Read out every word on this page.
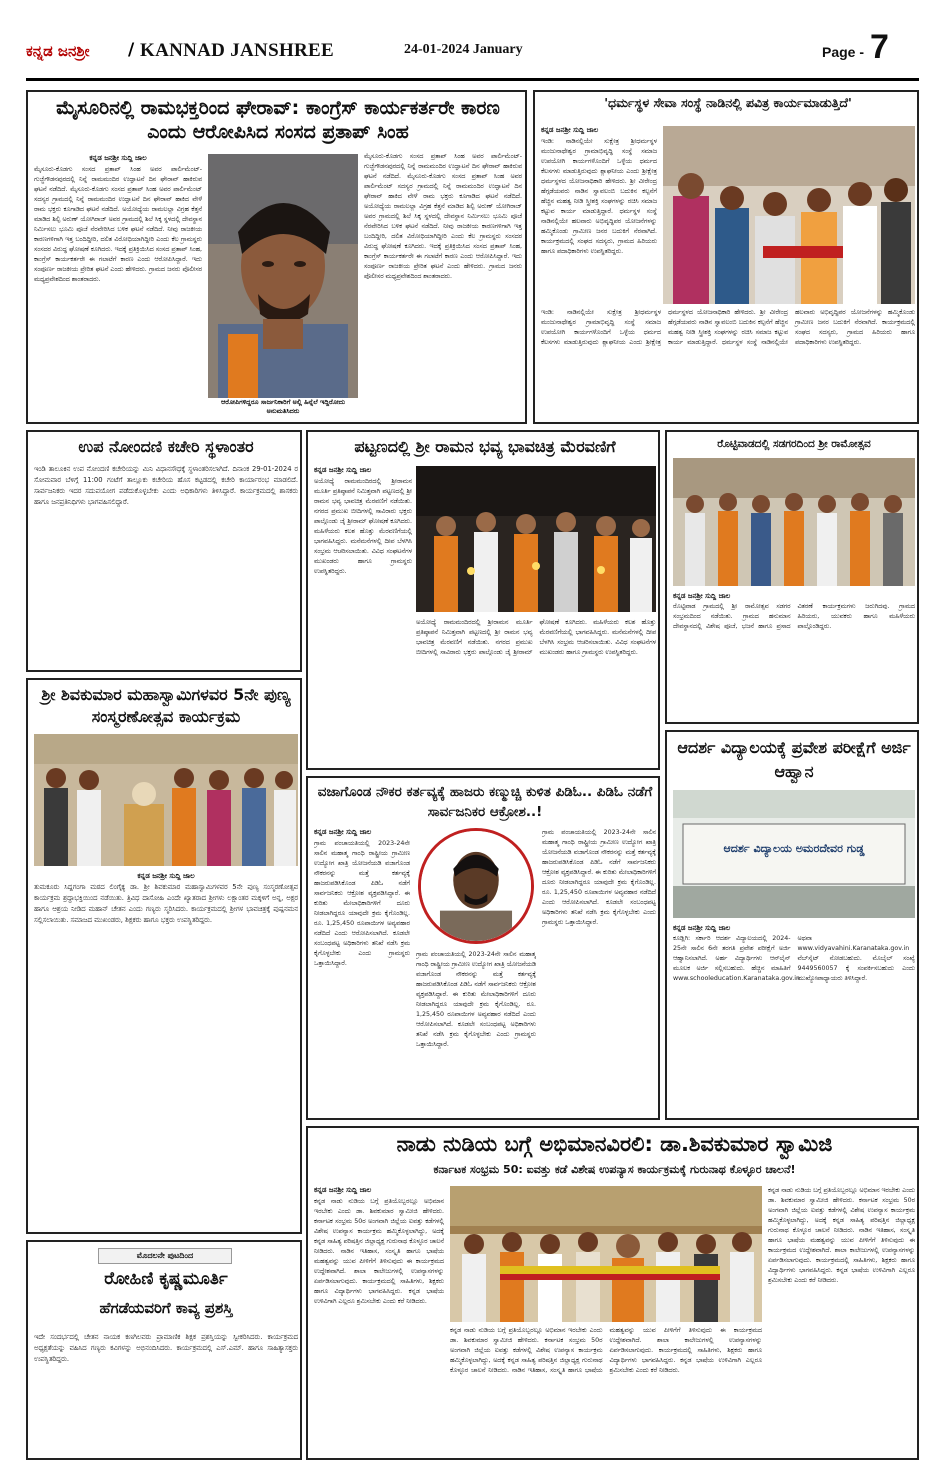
ಕನ್ನಡ ಜನಶ್ರೀ / KANNAD JANSHREE	24-01-2024 January	Page - 7
ಮೈಸೂರಿನಲ್ಲಿ ರಾಮಭಕ್ತರಿಂದ ಘೇರಾವ್: ಕಾಂಗ್ರೆಸ್ ಕಾರ್ಯಕರ್ತರೇ ಕಾರಣ ಎಂದು ಆರೋಪಿಸಿದ ಸಂಸದ ಪ್ರತಾಪ್ ಸಿಂಹ
ಕನ್ನಡ ಜನಶ್ರೀ ಸುದ್ದಿ ಜಾಲ
ಮೈಸೂರು-ಕೊಡಗು ಸಂಸದ ಪ್ರತಾಪ್ ಸಿಂಹ ಅವರ ಪಾರ್ಲಿಮೆಂಟ್-ಗುಜ್ಜೆಗೌಡನಪುರದಲ್ಲಿ ನಿನ್ನೆ ರಾಮಮಂದಿರ ಉದ್ಘಾಟನೆ ದಿನ ಘೇರಾವ್ ಹಾಕಿರುವ ಘಟನೆ ನಡೆದಿದೆ. ಮೈಸೂರು-ಕೊಡಗು ಸಂಸದ ಪ್ರತಾಪ್ ಸಿಂಹ ಅವರ ಪಾರ್ಲಿಮೆಂಟ್ ಸದಸ್ಯರ ಗ್ರಾಮದಲ್ಲಿ ನಿನ್ನೆ ರಾಮಮಂದಿರ ಉದ್ಘಾಟನೆ ದಿನ ಘೇರಾವ್ ಹಾಕಿದ ವೇಳೆ ರಾಮ ಭಕ್ತರು ಕೂಗಾಡಿದ ಘಟನೆ ನಡೆದಿದೆ. ಅಯೋಧ್ಯೆಯ ರಾಮಲಲ್ಲಾ ವಿಗ್ರಹ ಕೆತ್ತನೆ ಮಾಡಿದ ಶಿಲ್ಪಿ ಅರುಣ್ ಯೋಗಿರಾಜ್ ಅವರ ಗ್ರಾಮದಲ್ಲಿ ಶಿಲೆ ಸಿಕ್ಕ ಸ್ಥಳದಲ್ಲಿ ದೇವಸ್ಥಾನ ನಿರ್ಮಿಸಲು ಭೂಮಿ ಪೂಜೆ ನೆರವೇರಿಸಿದ ಬಳಿಕ ಘಟನೆ ನಡೆದಿದೆ. ನೀವು ರಾಜಕೀಯ ಕಾರಣಗಳಿಗಾಗಿ ಇತ್ತ ಬಂದಿದ್ದೀರಿ, ದಲಿತ ವಿರೋಧಿಯಾಗಿದ್ದೀರಿ ಎಂದು ಕೆಲ ಗ್ರಾಮಸ್ಥರು ಸಂಸದರ ವಿರುದ್ಧ ಘೋಷಣೆ ಕೂಗಿದರು. ಇದಕ್ಕೆ ಪ್ರತಿಕ್ರಿಯಿಸಿದ ಸಂಸದ ಪ್ರತಾಪ್ ಸಿಂಹ, ಕಾಂಗ್ರೆಸ್ ಕಾರ್ಯಕರ್ತರೇ ಈ ಗಲಾಟೆಗೆ ಕಾರಣ ಎಂದು ಆರೋಪಿಸಿದ್ದಾರೆ. ಇದು ಸಂಪೂರ್ಣ ರಾಜಕೀಯ ಪ್ರೇರಿತ ಘಟನೆ ಎಂದು ಹೇಳಿದರು. ಗ್ರಾಮದ ಜನರು ಪೊಲೀಸರ ಮಧ್ಯಪ್ರವೇಶದಿಂದ ಶಾಂತರಾದರು.
ಆರೋಪಿಗಳಿದ್ದರೂ ಸಾರ್ಜನಿಕಾರಿಗೆ ಅಲ್ಲಿ ಹಿನ್ನೆಲೆ ಇದ್ದಿರೋದು ಅನುಮತಿಸಿದರು
ಮೈಸೂರು-ಕೊಡಗು ಸಂಸದ ಪ್ರತಾಪ್ ಸಿಂಹ ಅವರ ಪಾರ್ಲಿಮೆಂಟ್-ಗುಜ್ಜೆಗೌಡನಪುರದಲ್ಲಿ ನಿನ್ನೆ ರಾಮಮಂದಿರ ಉದ್ಘಾಟನೆ ದಿನ ಘೇರಾವ್ ಹಾಕಿರುವ ಘಟನೆ ನಡೆದಿದೆ. ಮೈಸೂರು-ಕೊಡಗು ಸಂಸದ ಪ್ರತಾಪ್ ಸಿಂಹ ಅವರ ಪಾರ್ಲಿಮೆಂಟ್ ಸದಸ್ಯರ ಗ್ರಾಮದಲ್ಲಿ ನಿನ್ನೆ ರಾಮಮಂದಿರ ಉದ್ಘಾಟನೆ ದಿನ ಘೇರಾವ್ ಹಾಕಿದ ವೇಳೆ ರಾಮ ಭಕ್ತರು ಕೂಗಾಡಿದ ಘಟನೆ ನಡೆದಿದೆ. ಅಯೋಧ್ಯೆಯ ರಾಮಲಲ್ಲಾ ವಿಗ್ರಹ ಕೆತ್ತನೆ ಮಾಡಿದ ಶಿಲ್ಪಿ ಅರುಣ್ ಯೋಗಿರಾಜ್ ಅವರ ಗ್ರಾಮದಲ್ಲಿ ಶಿಲೆ ಸಿಕ್ಕ ಸ್ಥಳದಲ್ಲಿ ದೇವಸ್ಥಾನ ನಿರ್ಮಿಸಲು ಭೂಮಿ ಪೂಜೆ ನೆರವೇರಿಸಿದ ಬಳಿಕ ಘಟನೆ ನಡೆದಿದೆ. ನೀವು ರಾಜಕೀಯ ಕಾರಣಗಳಿಗಾಗಿ ಇತ್ತ ಬಂದಿದ್ದೀರಿ, ದಲಿತ ವಿರೋಧಿಯಾಗಿದ್ದೀರಿ ಎಂದು ಕೆಲ ಗ್ರಾಮಸ್ಥರು ಸಂಸದರ ವಿರುದ್ಧ ಘೋಷಣೆ ಕೂಗಿದರು. ಇದಕ್ಕೆ ಪ್ರತಿಕ್ರಿಯಿಸಿದ ಸಂಸದ ಪ್ರತಾಪ್ ಸಿಂಹ, ಕಾಂಗ್ರೆಸ್ ಕಾರ್ಯಕರ್ತರೇ ಈ ಗಲಾಟೆಗೆ ಕಾರಣ ಎಂದು ಆರೋಪಿಸಿದ್ದಾರೆ. ಇದು ಸಂಪೂರ್ಣ ರಾಜಕೀಯ ಪ್ರೇರಿತ ಘಟನೆ ಎಂದು ಹೇಳಿದರು. ಗ್ರಾಮದ ಜನರು ಪೊಲೀಸರ ಮಧ್ಯಪ್ರವೇಶದಿಂದ ಶಾಂತರಾದರು.
'ಧರ್ಮಸ್ಥಳ ಸೇವಾ ಸಂಸ್ಥೆ ನಾಡಿನಲ್ಲಿ ಪವಿತ್ರ ಕಾರ್ಯಮಾಡುತ್ತಿದೆ'
ಕನ್ನಡ ಜನಶ್ರೀ ಸುದ್ದಿ ಜಾಲ
ಇಂಡಿ: ನಾಡಿನಲ್ಲಿಯೇ ಸುಕ್ಷೇತ್ರ ಶ್ರೀಧರ್ಮಸ್ಥಳ ಮಂಜುನಾಥೇಶ್ವರ ಗ್ರಾಮಾಭಿವೃದ್ಧಿ ಸಂಸ್ಥೆ ಸಮಾಜ ಉಪಯೋಗಿ ಕಾರ್ಯಗಳೊಂದಿಗೆ ಒಳ್ಳೆಯ ಧರ್ಮದ ಕೆಲಸಗಳು ಮಾಡುತ್ತಿರುವುದು ಶ್ಲಾಘನೀಯ ಎಂದು ಶ್ರೀಕ್ಷೇತ್ರ ಧರ್ಮಸ್ಥಳದ ಯೋಜನಾಧಿಕಾರಿ ಹೇಳಿದರು. ಶ್ರೀ ವೀರೇಂದ್ರ ಹೆಗ್ಗಡೆಯವರು ನಾಡಿನ ಸ್ವಾವಲಂಬಿ ಬದುಕಿನ ಕಲ್ಪನೆಗೆ ಹೆಚ್ಚಿನ ಮಹತ್ವ ನೀಡಿ ಸ್ತ್ರೀಶಕ್ತಿ ಸಂಘಗಳನ್ನು ರಚಿಸಿ ಸಮಾಜ ಕಟ್ಟುವ ಕಾರ್ಯ ಮಾಡುತ್ತಿದ್ದಾರೆ. ಧರ್ಮಸ್ಥಳ ಸಂಸ್ಥೆ ನಾಡಿನಲ್ಲಿಯೇ ಹಲವಾರು ಅಭಿವೃದ್ಧಿಪರ ಯೋಜನೆಗಳನ್ನು ಹಮ್ಮಿಕೊಂಡು ಗ್ರಾಮೀಣ ಜನರ ಬದುಕಿಗೆ ನೆರವಾಗಿದೆ. ಕಾರ್ಯಕ್ರಮದಲ್ಲಿ ಸಂಘದ ಸದಸ್ಯರು, ಗ್ರಾಮದ ಹಿರಿಯರು ಹಾಗೂ ಪದಾಧಿಕಾರಿಗಳು ಉಪಸ್ಥಿತರಿದ್ದರು.
ಇಂಡಿ: ನಾಡಿನಲ್ಲಿಯೇ ಸುಕ್ಷೇತ್ರ ಶ್ರೀಧರ್ಮಸ್ಥಳ ಮಂಜುನಾಥೇಶ್ವರ ಗ್ರಾಮಾಭಿವೃದ್ಧಿ ಸಂಸ್ಥೆ ಸಮಾಜ ಉಪಯೋಗಿ ಕಾರ್ಯಗಳೊಂದಿಗೆ ಒಳ್ಳೆಯ ಧರ್ಮದ ಕೆಲಸಗಳು ಮಾಡುತ್ತಿರುವುದು ಶ್ಲಾಘನೀಯ ಎಂದು ಶ್ರೀಕ್ಷೇತ್ರ ಧರ್ಮಸ್ಥಳದ ಯೋಜನಾಧಿಕಾರಿ ಹೇಳಿದರು. ಶ್ರೀ ವೀರೇಂದ್ರ ಹೆಗ್ಗಡೆಯವರು ನಾಡಿನ ಸ್ವಾವಲಂಬಿ ಬದುಕಿನ ಕಲ್ಪನೆಗೆ ಹೆಚ್ಚಿನ ಮಹತ್ವ ನೀಡಿ ಸ್ತ್ರೀಶಕ್ತಿ ಸಂಘಗಳನ್ನು ರಚಿಸಿ ಸಮಾಜ ಕಟ್ಟುವ ಕಾರ್ಯ ಮಾಡುತ್ತಿದ್ದಾರೆ. ಧರ್ಮಸ್ಥಳ ಸಂಸ್ಥೆ ನಾಡಿನಲ್ಲಿಯೇ ಹಲವಾರು ಅಭಿವೃದ್ಧಿಪರ ಯೋಜನೆಗಳನ್ನು ಹಮ್ಮಿಕೊಂಡು ಗ್ರಾಮೀಣ ಜನರ ಬದುಕಿಗೆ ನೆರವಾಗಿದೆ. ಕಾರ್ಯಕ್ರಮದಲ್ಲಿ ಸಂಘದ ಸದಸ್ಯರು, ಗ್ರಾಮದ ಹಿರಿಯರು ಹಾಗೂ ಪದಾಧಿಕಾರಿಗಳು ಉಪಸ್ಥಿತರಿದ್ದರು.
ಉಪ ನೋಂದಣಿ ಕಚೇರಿ ಸ್ಥಳಾಂತರ
ಇಂಡಿ ತಾಲೂಕಿನ ಉಪ ನೋಂದಣಿ ಕಚೇರಿಯನ್ನು ಮಿನಿ ವಿಧಾನಸೌಧಕ್ಕೆ ಸ್ಥಳಾಂತರಿಸಲಾಗಿದೆ. ದಿನಾಂಕ 29-01-2024 ರ ಸೋಮವಾರ ಬೆಳಿಗ್ಗೆ 11:00 ಗಂಟೆಗೆ ತಾಲ್ಲೂಕು ಕಚೇರಿಯ ಹೊಸ ಕಟ್ಟಡದಲ್ಲಿ ಕಚೇರಿ ಕಾರ್ಯಾರಂಭ ಮಾಡಲಿದೆ. ಸಾರ್ವಜನಿಕರು ಇದರ ಸದುಪಯೋಗ ಪಡೆದುಕೊಳ್ಳಬೇಕು ಎಂದು ಅಧಿಕಾರಿಗಳು ತಿಳಿಸಿದ್ದಾರೆ. ಕಾರ್ಯಕ್ರಮದಲ್ಲಿ ಶಾಸಕರು ಹಾಗೂ ಜನಪ್ರತಿನಿಧಿಗಳು ಭಾಗವಹಿಸಲಿದ್ದಾರೆ.
ಪಟ್ಟಣದಲ್ಲಿ ಶ್ರೀ ರಾಮನ ಭವ್ಯ ಭಾವಚಿತ್ರ ಮೆರವಣಿಗೆ
ಕನ್ನಡ ಜನಶ್ರೀ ಸುದ್ದಿ ಜಾಲ
ಅಯೋಧ್ಯೆ ರಾಮಮಂದಿರದಲ್ಲಿ ಶ್ರೀರಾಮನ ಮೂರ್ತಿ ಪ್ರತಿಷ್ಠಾಪನೆ ನಿಮಿತ್ತವಾಗಿ ಪಟ್ಟಣದಲ್ಲಿ ಶ್ರೀ ರಾಮನ ಭವ್ಯ ಭಾವಚಿತ್ರ ಮೆರವಣಿಗೆ ನಡೆಯಿತು. ನಗರದ ಪ್ರಮುಖ ಬೀದಿಗಳಲ್ಲಿ ಸಾವಿರಾರು ಭಕ್ತರು ಪಾಲ್ಗೊಂಡು ಜೈ ಶ್ರೀರಾಮ್ ಘೋಷಣೆ ಕೂಗಿದರು. ಮಹಿಳೆಯರು ಕಲಶ ಹೊತ್ತು ಮೆರವಣಿಗೆಯಲ್ಲಿ ಭಾಗವಹಿಸಿದ್ದರು. ಮನೆಮನೆಗಳಲ್ಲಿ ದೀಪ ಬೆಳಗಿಸಿ ಸಂಭ್ರಮ ಆಚರಿಸಲಾಯಿತು. ವಿವಿಧ ಸಂಘಟನೆಗಳ ಮುಖಂಡರು ಹಾಗೂ ಗ್ರಾಮಸ್ಥರು ಉಪಸ್ಥಿತರಿದ್ದರು.
ಅಯೋಧ್ಯೆ ರಾಮಮಂದಿರದಲ್ಲಿ ಶ್ರೀರಾಮನ ಮೂರ್ತಿ ಪ್ರತಿಷ್ಠಾಪನೆ ನಿಮಿತ್ತವಾಗಿ ಪಟ್ಟಣದಲ್ಲಿ ಶ್ರೀ ರಾಮನ ಭವ್ಯ ಭಾವಚಿತ್ರ ಮೆರವಣಿಗೆ ನಡೆಯಿತು. ನಗರದ ಪ್ರಮುಖ ಬೀದಿಗಳಲ್ಲಿ ಸಾವಿರಾರು ಭಕ್ತರು ಪಾಲ್ಗೊಂಡು ಜೈ ಶ್ರೀರಾಮ್ ಘೋಷಣೆ ಕೂಗಿದರು. ಮಹಿಳೆಯರು ಕಲಶ ಹೊತ್ತು ಮೆರವಣಿಗೆಯಲ್ಲಿ ಭಾಗವಹಿಸಿದ್ದರು. ಮನೆಮನೆಗಳಲ್ಲಿ ದೀಪ ಬೆಳಗಿಸಿ ಸಂಭ್ರಮ ಆಚರಿಸಲಾಯಿತು. ವಿವಿಧ ಸಂಘಟನೆಗಳ ಮುಖಂಡರು ಹಾಗೂ ಗ್ರಾಮಸ್ಥರು ಉಪಸ್ಥಿತರಿದ್ದರು.
ರೊಟ್ಟಿವಾಡದಲ್ಲಿ ಸಡಗರದಿಂದ ಶ್ರೀ ರಾಮೋತ್ಸವ
ಕನ್ನಡ ಜನಶ್ರೀ ಸುದ್ದಿ ಜಾಲ
ರೊಟ್ಟಿವಾಡ ಗ್ರಾಮದಲ್ಲಿ ಶ್ರೀ ರಾಮೋತ್ಸವ ಸಡಗರ ಸಂಭ್ರಮದಿಂದ ನಡೆಯಿತು. ಗ್ರಾಮದ ಹನುಮಾನ ದೇವಸ್ಥಾನದಲ್ಲಿ ವಿಶೇಷ ಪೂಜೆ, ಭಜನೆ ಹಾಗೂ ಪ್ರಸಾದ ವಿತರಣೆ ಕಾರ್ಯಕ್ರಮಗಳು ಜರುಗಿದವು. ಗ್ರಾಮದ ಹಿರಿಯರು, ಯುವಕರು ಹಾಗೂ ಮಹಿಳೆಯರು ಪಾಲ್ಗೊಂಡಿದ್ದರು.
ಶ್ರೀ ಶಿವಕುಮಾರ ಮಹಾಸ್ವಾಮಿಗಳವರ 5ನೇ ಪುಣ್ಯ ಸಂಸ್ಮರಣೋತ್ಸವ ಕಾರ್ಯಕ್ರಮ
ಕನ್ನಡ ಜನಶ್ರೀ ಸುದ್ದಿ ಜಾಲ
ತುಮಕೂರು ಸಿದ್ದಗಂಗಾ ಮಠದ ಲಿಂಗೈಕ್ಯ ಡಾ. ಶ್ರೀ ಶಿವಕುಮಾರ ಮಹಾಸ್ವಾಮಿಗಳವರ 5ನೇ ಪುಣ್ಯ ಸಂಸ್ಮರಣೋತ್ಸವ ಕಾರ್ಯಕ್ರಮ ಶ್ರದ್ಧಾಭಕ್ತಿಯಿಂದ ನಡೆಯಿತು. ತ್ರಿವಿಧ ದಾಸೋಹಿ ಎಂದೇ ಖ್ಯಾತರಾದ ಶ್ರೀಗಳು ಲಕ್ಷಾಂತರ ಮಕ್ಕಳಿಗೆ ಅನ್ನ, ಅಕ್ಷರ ಹಾಗೂ ಆಶ್ರಯ ನೀಡಿದ ಮಹಾನ್ ಚೇತನ ಎಂದು ಗಣ್ಯರು ಸ್ಮರಿಸಿದರು. ಕಾರ್ಯಕ್ರಮದಲ್ಲಿ ಶ್ರೀಗಳ ಭಾವಚಿತ್ರಕ್ಕೆ ಪುಷ್ಪನಮನ ಸಲ್ಲಿಸಲಾಯಿತು. ಸಮಾಜದ ಮುಖಂಡರು, ಶಿಕ್ಷಕರು ಹಾಗೂ ಭಕ್ತರು ಉಪಸ್ಥಿತರಿದ್ದರು.
ವಜಾಗೊಂಡ ನೌಕರ ಕರ್ತವ್ಯಕ್ಕೆ ಹಾಜರು ಕಣ್ಮುಚ್ಚಿ ಕುಳಿತ ಪಿಡಿಓ.. ಪಿಡಿಓ ನಡೆಗೆ ಸಾರ್ವಜನಿಕರ ಆಕ್ರೋಶ..!
ಕನ್ನಡ ಜನಶ್ರೀ ಸುದ್ದಿ ಜಾಲ
ಗ್ರಾಮ ಪಂಚಾಯತಿಯಲ್ಲಿ 2023-24ನೇ ಸಾಲಿನ ಮಹಾತ್ಮ ಗಾಂಧಿ ರಾಷ್ಟ್ರೀಯ ಗ್ರಾಮೀಣ ಉದ್ಯೋಗ ಖಾತ್ರಿ ಯೋಜನೆಯಡಿ ವಜಾಗೊಂಡ ನೌಕರನನ್ನು ಮತ್ತೆ ಕರ್ತವ್ಯಕ್ಕೆ ಹಾಜರುಪಡಿಸಿಕೊಂಡ ಪಿಡಿಓ ನಡೆಗೆ ಸಾರ್ವಜನಿಕರು ಆಕ್ರೋಶ ವ್ಯಕ್ತಪಡಿಸಿದ್ದಾರೆ. ಈ ಕುರಿತು ಮೇಲಾಧಿಕಾರಿಗಳಿಗೆ ದೂರು ನೀಡಲಾಗಿದ್ದರೂ ಯಾವುದೇ ಕ್ರಮ ಕೈಗೊಂಡಿಲ್ಲ. ರೂ. 1,25,450 ರೂಪಾಯಿಗಳ ಅವ್ಯವಹಾರ ನಡೆದಿದೆ ಎಂದು ಆರೋಪಿಸಲಾಗಿದೆ. ಕೂಡಲೇ ಸಂಬಂಧಪಟ್ಟ ಅಧಿಕಾರಿಗಳು ತನಿಖೆ ನಡೆಸಿ ಕ್ರಮ ಕೈಗೊಳ್ಳಬೇಕು ಎಂದು ಗ್ರಾಮಸ್ಥರು ಒತ್ತಾಯಿಸಿದ್ದಾರೆ.
ಗ್ರಾಮ ಪಂಚಾಯತಿಯಲ್ಲಿ 2023-24ನೇ ಸಾಲಿನ ಮಹಾತ್ಮ ಗಾಂಧಿ ರಾಷ್ಟ್ರೀಯ ಗ್ರಾಮೀಣ ಉದ್ಯೋಗ ಖಾತ್ರಿ ಯೋಜನೆಯಡಿ ವಜಾಗೊಂಡ ನೌಕರನನ್ನು ಮತ್ತೆ ಕರ್ತವ್ಯಕ್ಕೆ ಹಾಜರುಪಡಿಸಿಕೊಂಡ ಪಿಡಿಓ ನಡೆಗೆ ಸಾರ್ವಜನಿಕರು ಆಕ್ರೋಶ ವ್ಯಕ್ತಪಡಿಸಿದ್ದಾರೆ. ಈ ಕುರಿತು ಮೇಲಾಧಿಕಾರಿಗಳಿಗೆ ದೂರು ನೀಡಲಾಗಿದ್ದರೂ ಯಾವುದೇ ಕ್ರಮ ಕೈಗೊಂಡಿಲ್ಲ. ರೂ. 1,25,450 ರೂಪಾಯಿಗಳ ಅವ್ಯವಹಾರ ನಡೆದಿದೆ ಎಂದು ಆರೋಪಿಸಲಾಗಿದೆ. ಕೂಡಲೇ ಸಂಬಂಧಪಟ್ಟ ಅಧಿಕಾರಿಗಳು ತನಿಖೆ ನಡೆಸಿ ಕ್ರಮ ಕೈಗೊಳ್ಳಬೇಕು ಎಂದು ಗ್ರಾಮಸ್ಥರು ಒತ್ತಾಯಿಸಿದ್ದಾರೆ.
ಗ್ರಾಮ ಪಂಚಾಯತಿಯಲ್ಲಿ 2023-24ನೇ ಸಾಲಿನ ಮಹಾತ್ಮ ಗಾಂಧಿ ರಾಷ್ಟ್ರೀಯ ಗ್ರಾಮೀಣ ಉದ್ಯೋಗ ಖಾತ್ರಿ ಯೋಜನೆಯಡಿ ವಜಾಗೊಂಡ ನೌಕರನನ್ನು ಮತ್ತೆ ಕರ್ತವ್ಯಕ್ಕೆ ಹಾಜರುಪಡಿಸಿಕೊಂಡ ಪಿಡಿಓ ನಡೆಗೆ ಸಾರ್ವಜನಿಕರು ಆಕ್ರೋಶ ವ್ಯಕ್ತಪಡಿಸಿದ್ದಾರೆ. ಈ ಕುರಿತು ಮೇಲಾಧಿಕಾರಿಗಳಿಗೆ ದೂರು ನೀಡಲಾಗಿದ್ದರೂ ಯಾವುದೇ ಕ್ರಮ ಕೈಗೊಂಡಿಲ್ಲ. ರೂ. 1,25,450 ರೂಪಾಯಿಗಳ ಅವ್ಯವಹಾರ ನಡೆದಿದೆ ಎಂದು ಆರೋಪಿಸಲಾಗಿದೆ. ಕೂಡಲೇ ಸಂಬಂಧಪಟ್ಟ ಅಧಿಕಾರಿಗಳು ತನಿಖೆ ನಡೆಸಿ ಕ್ರಮ ಕೈಗೊಳ್ಳಬೇಕು ಎಂದು ಗ್ರಾಮಸ್ಥರು ಒತ್ತಾಯಿಸಿದ್ದಾರೆ.
ಆದರ್ಶ ವಿದ್ಯಾಲಯಕ್ಕೆ ಪ್ರವೇಶ ಪರೀಕ್ಷೆಗೆ ಅರ್ಜಿ ಆಹ್ವಾನ
ಆದರ್ಶ ವಿದ್ಯಾಲಯ ಅಮರದೇವರ ಗುಡ್ಡ
ಕನ್ನಡ ಜನಶ್ರೀ ಸುದ್ದಿ ಜಾಲ
ಕೂಡ್ಲಿಗಿ: ಸರ್ಕಾರಿ ಆದರ್ಶ ವಿದ್ಯಾಲಯದಲ್ಲಿ 2024-25ನೇ ಸಾಲಿನ 6ನೇ ತರಗತಿ ಪ್ರವೇಶ ಪರೀಕ್ಷೆಗೆ ಅರ್ಜಿ ಆಹ್ವಾನಿಸಲಾಗಿದೆ. ಅರ್ಹ ವಿದ್ಯಾರ್ಥಿಗಳು ಆನ್‌ಲೈನ್ ಮೂಲಕ ಅರ್ಜಿ ಸಲ್ಲಿಸಬಹುದು. ಹೆಚ್ಚಿನ ಮಾಹಿತಿಗೆ www.schooleducation.Karanataka.gov.in ಅಥವಾ www.vidyavahini.Karanataka.gov.in ವೆಬ್‌ಸೈಟ್ ನೋಡಬಹುದು. ಮೊಬೈಲ್ ಸಂಖ್ಯೆ 9449560057 ಕ್ಕೆ ಸಂಪರ್ಕಿಸಬಹುದು ಎಂದು ಮುಖ್ಯೋಪಾಧ್ಯಾಯರು ತಿಳಿಸಿದ್ದಾರೆ.
ಮೊದಲನೇ ಪುಟದಿಂದ
ರೋಹಿಣಿ ಕೃಷ್ಣಮೂರ್ತಿ
ಹೆಗಡೆಯವರಿಗೆ ಕಾವ್ಯ ಪ್ರಶಸ್ತಿ
ಇದೇ ಸಂದರ್ಭದಲ್ಲಿ ಚೇತನ ನಾಯಕ ಕಣಗಿಲವರು ಪ್ರಾಮಾಣಿಕ ಶಿಕ್ಷಕ ಪ್ರಶಸ್ತಿಯನ್ನು ಸ್ವೀಕರಿಸಿದರು. ಕಾರ್ಯಕ್ರಮದ ಅಧ್ಯಕ್ಷತೆಯನ್ನು ವಹಿಸಿದ ಗಣ್ಯರು ಕವಿಗಳನ್ನು ಅಭಿನಂದಿಸಿದರು. ಕಾರ್ಯಕ್ರಮದಲ್ಲಿ ಎಸ್.ಎಮ್. ಹಾಗೂ ಸಾಹಿತ್ಯಾಸಕ್ತರು ಉಪಸ್ಥಿತರಿದ್ದರು.
ನಾಡು ನುಡಿಯ ಬಗ್ಗೆ ಅಭಿಮಾನವಿರಲಿ: ಡಾ.ಶಿವಕುಮಾರ ಸ್ವಾಮಿಜಿ
ಕರ್ನಾಟಕ ಸಂಭ್ರಮ 50: ಐವತ್ತು ಕಡೆ ವಿಶೇಷ ಉಪನ್ಯಾಸ ಕಾರ್ಯಕ್ರಮಕ್ಕೆ ಗುರುನಾಥ ಕೊಳ್ಳೂರ ಚಾಲನೆ!
ಕನ್ನಡ ಜನಶ್ರೀ ಸುದ್ದಿ ಜಾಲ
ಕನ್ನಡ ನಾಡು ನುಡಿಯ ಬಗ್ಗೆ ಪ್ರತಿಯೊಬ್ಬರಲ್ಲೂ ಅಭಿಮಾನ ಇರಬೇಕು ಎಂದು ಡಾ. ಶಿವಕುಮಾರ ಸ್ವಾಮೀಜಿ ಹೇಳಿದರು. ಕರ್ನಾಟಕ ಸಂಭ್ರಮ 50ರ ಅಂಗವಾಗಿ ಜಿಲ್ಲೆಯ ಐವತ್ತು ಕಡೆಗಳಲ್ಲಿ ವಿಶೇಷ ಉಪನ್ಯಾಸ ಕಾರ್ಯಕ್ರಮ ಹಮ್ಮಿಕೊಳ್ಳಲಾಗಿದ್ದು, ಅದಕ್ಕೆ ಕನ್ನಡ ಸಾಹಿತ್ಯ ಪರಿಷತ್ತಿನ ಜಿಲ್ಲಾಧ್ಯಕ್ಷ ಗುರುನಾಥ ಕೊಳ್ಳೂರ ಚಾಲನೆ ನೀಡಿದರು. ನಾಡಿನ ಇತಿಹಾಸ, ಸಂಸ್ಕೃತಿ ಹಾಗೂ ಭಾಷೆಯ ಮಹತ್ವವನ್ನು ಯುವ ಪೀಳಿಗೆಗೆ ತಿಳಿಸುವುದು ಈ ಕಾರ್ಯಕ್ರಮದ ಉದ್ದೇಶವಾಗಿದೆ. ಶಾಲಾ ಕಾಲೇಜುಗಳಲ್ಲಿ ಉಪನ್ಯಾಸಗಳನ್ನು ಏರ್ಪಡಿಸಲಾಗುವುದು. ಕಾರ್ಯಕ್ರಮದಲ್ಲಿ ಸಾಹಿತಿಗಳು, ಶಿಕ್ಷಕರು ಹಾಗೂ ವಿದ್ಯಾರ್ಥಿಗಳು ಭಾಗವಹಿಸಿದ್ದರು. ಕನ್ನಡ ಭಾಷೆಯ ಉಳಿವಿಗಾಗಿ ಎಲ್ಲರೂ ಶ್ರಮಿಸಬೇಕು ಎಂದು ಕರೆ ನೀಡಿದರು.
ಕನ್ನಡ ನಾಡು ನುಡಿಯ ಬಗ್ಗೆ ಪ್ರತಿಯೊಬ್ಬರಲ್ಲೂ ಅಭಿಮಾನ ಇರಬೇಕು ಎಂದು ಡಾ. ಶಿವಕುಮಾರ ಸ್ವಾಮೀಜಿ ಹೇಳಿದರು. ಕರ್ನಾಟಕ ಸಂಭ್ರಮ 50ರ ಅಂಗವಾಗಿ ಜಿಲ್ಲೆಯ ಐವತ್ತು ಕಡೆಗಳಲ್ಲಿ ವಿಶೇಷ ಉಪನ್ಯಾಸ ಕಾರ್ಯಕ್ರಮ ಹಮ್ಮಿಕೊಳ್ಳಲಾಗಿದ್ದು, ಅದಕ್ಕೆ ಕನ್ನಡ ಸಾಹಿತ್ಯ ಪರಿಷತ್ತಿನ ಜಿಲ್ಲಾಧ್ಯಕ್ಷ ಗುರುನಾಥ ಕೊಳ್ಳೂರ ಚಾಲನೆ ನೀಡಿದರು. ನಾಡಿನ ಇತಿಹಾಸ, ಸಂಸ್ಕೃತಿ ಹಾಗೂ ಭಾಷೆಯ ಮಹತ್ವವನ್ನು ಯುವ ಪೀಳಿಗೆಗೆ ತಿಳಿಸುವುದು ಈ ಕಾರ್ಯಕ್ರಮದ ಉದ್ದೇಶವಾಗಿದೆ. ಶಾಲಾ ಕಾಲೇಜುಗಳಲ್ಲಿ ಉಪನ್ಯಾಸಗಳನ್ನು ಏರ್ಪಡಿಸಲಾಗುವುದು. ಕಾರ್ಯಕ್ರಮದಲ್ಲಿ ಸಾಹಿತಿಗಳು, ಶಿಕ್ಷಕರು ಹಾಗೂ ವಿದ್ಯಾರ್ಥಿಗಳು ಭಾಗವಹಿಸಿದ್ದರು. ಕನ್ನಡ ಭಾಷೆಯ ಉಳಿವಿಗಾಗಿ ಎಲ್ಲರೂ ಶ್ರಮಿಸಬೇಕು ಎಂದು ಕರೆ ನೀಡಿದರು.
ಕನ್ನಡ ನಾಡು ನುಡಿಯ ಬಗ್ಗೆ ಪ್ರತಿಯೊಬ್ಬರಲ್ಲೂ ಅಭಿಮಾನ ಇರಬೇಕು ಎಂದು ಡಾ. ಶಿವಕುಮಾರ ಸ್ವಾಮೀಜಿ ಹೇಳಿದರು. ಕರ್ನಾಟಕ ಸಂಭ್ರಮ 50ರ ಅಂಗವಾಗಿ ಜಿಲ್ಲೆಯ ಐವತ್ತು ಕಡೆಗಳಲ್ಲಿ ವಿಶೇಷ ಉಪನ್ಯಾಸ ಕಾರ್ಯಕ್ರಮ ಹಮ್ಮಿಕೊಳ್ಳಲಾಗಿದ್ದು, ಅದಕ್ಕೆ ಕನ್ನಡ ಸಾಹಿತ್ಯ ಪರಿಷತ್ತಿನ ಜಿಲ್ಲಾಧ್ಯಕ್ಷ ಗುರುನಾಥ ಕೊಳ್ಳೂರ ಚಾಲನೆ ನೀಡಿದರು. ನಾಡಿನ ಇತಿಹಾಸ, ಸಂಸ್ಕೃತಿ ಹಾಗೂ ಭಾಷೆಯ ಮಹತ್ವವನ್ನು ಯುವ ಪೀಳಿಗೆಗೆ ತಿಳಿಸುವುದು ಈ ಕಾರ್ಯಕ್ರಮದ ಉದ್ದೇಶವಾಗಿದೆ. ಶಾಲಾ ಕಾಲೇಜುಗಳಲ್ಲಿ ಉಪನ್ಯಾಸಗಳನ್ನು ಏರ್ಪಡಿಸಲಾಗುವುದು. ಕಾರ್ಯಕ್ರಮದಲ್ಲಿ ಸಾಹಿತಿಗಳು, ಶಿಕ್ಷಕರು ಹಾಗೂ ವಿದ್ಯಾರ್ಥಿಗಳು ಭಾಗವಹಿಸಿದ್ದರು. ಕನ್ನಡ ಭಾಷೆಯ ಉಳಿವಿಗಾಗಿ ಎಲ್ಲರೂ ಶ್ರಮಿಸಬೇಕು ಎಂದು ಕರೆ ನೀಡಿದರು.
